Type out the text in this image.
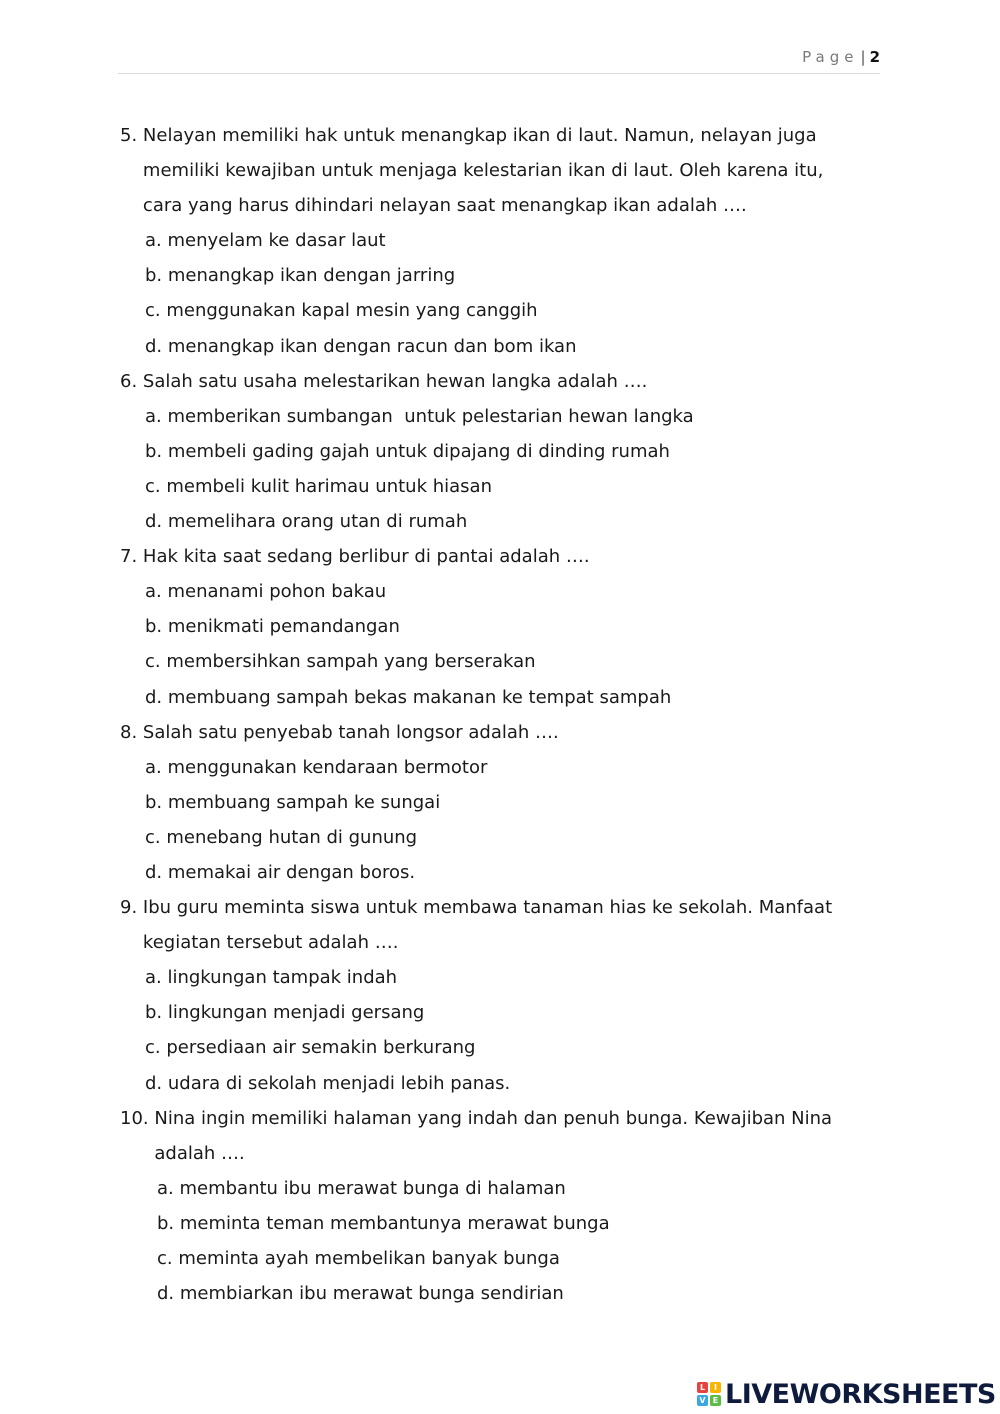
Page | 2
5.
Nelayan memiliki hak untuk menangkap ikan di laut. Namun, nelayan juga memiliki kewajiban untuk menjaga kelestarian ikan di laut. Oleh karena itu, cara yang harus dihindari nelayan saat menangkap ikan adalah ….
a. menyelam ke dasar laut
b. menangkap ikan dengan jarring
c. menggunakan kapal mesin yang canggih
d. menangkap ikan dengan racun dan bom ikan
6.
Salah satu usaha melestarikan hewan langka adalah ….
a. memberikan sumbangan  untuk pelestarian hewan langka
b. membeli gading gajah untuk dipajang di dinding rumah
c. membeli kulit harimau untuk hiasan
d. memelihara orang utan di rumah
7.
Hak kita saat sedang berlibur di pantai adalah ….
a. menanami pohon bakau
b. menikmati pemandangan
c. membersihkan sampah yang berserakan
d. membuang sampah bekas makanan ke tempat sampah
8.
Salah satu penyebab tanah longsor adalah ….
a. menggunakan kendaraan bermotor
b. membuang sampah ke sungai
c. menebang hutan di gunung
d. memakai air dengan boros.
9.
Ibu guru meminta siswa untuk membawa tanaman hias ke sekolah. Manfaat kegiatan tersebut adalah ….
a. lingkungan tampak indah
b. lingkungan menjadi gersang
c. persediaan air semakin berkurang
d. udara di sekolah menjadi lebih panas.
10.
Nina ingin memiliki halaman yang indah dan penuh bunga. Kewajiban Nina adalah ….
a. membantu ibu merawat bunga di halaman
b. meminta teman membantunya merawat bunga
c. meminta ayah membelikan banyak bunga
d. membiarkan ibu merawat bunga sendirian
L	I
V E LIVEWORKSHEETS
